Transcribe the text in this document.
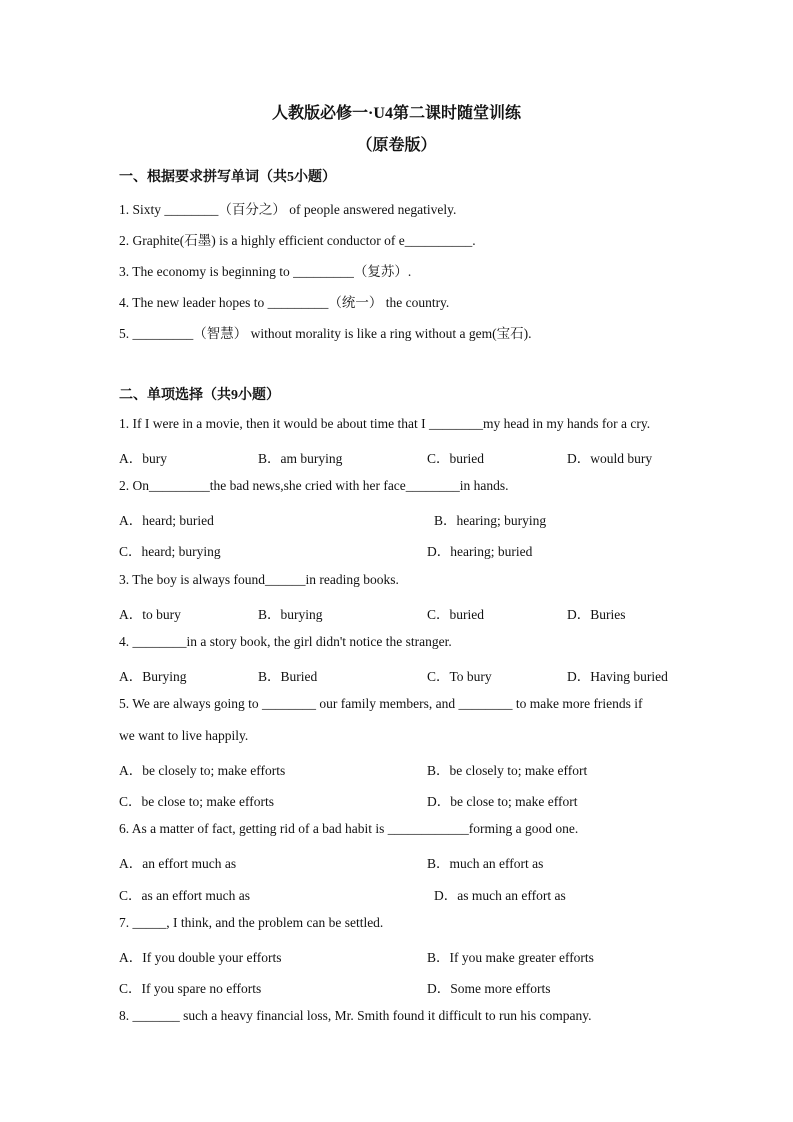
人教版必修一·U4第二课时随堂训练
（原卷版）
一、根据要求拼写单词（共5小题）
1. Sixty ________（百分之） of people answered negatively.
2. Graphite(石墨) is a highly efficient conductor of e__________.
3. The economy is beginning to _________（复苏）.
4. The new leader hopes to _________（统一） the country.
5. _________（智慧） without morality is like a ring without a gem(宝石).
二、单项选择（共9小题）
1. If I were in a movie, then it would be about time that I ________my head in my hands for a cry.
A．bury	B．am burying	C．buried	D．would bury
2. On_________the bad news,she cried with her face________in hands.
A．heard; buried	B．hearing; burying
C．heard; burying	D．hearing; buried
3. The boy is always found______in reading books.
A．to bury	B．burying	C．buried	D．Buries
4. ________in a story book, the girl didn't notice the stranger.
A．Burying	B．Buried	C．To bury	D．Having buried
5. We are always going to ________ our family members, and ________ to make more friends if
we want to live happily.
A．be closely to; make efforts	B．be closely to; make effort
C．be close to; make efforts	D．be close to; make effort
6. As a matter of fact, getting rid of a bad habit is ____________forming a good one.
A．an effort much as	B．much an effort as
C．as an effort much as	D．as much an effort as
7. _____, I think, and the problem can be settled.
A．If you double your efforts	B．If you make greater efforts
C．If you spare no efforts	D．Some more efforts
8. _______ such a heavy financial loss, Mr. Smith found it difficult to run his company.
